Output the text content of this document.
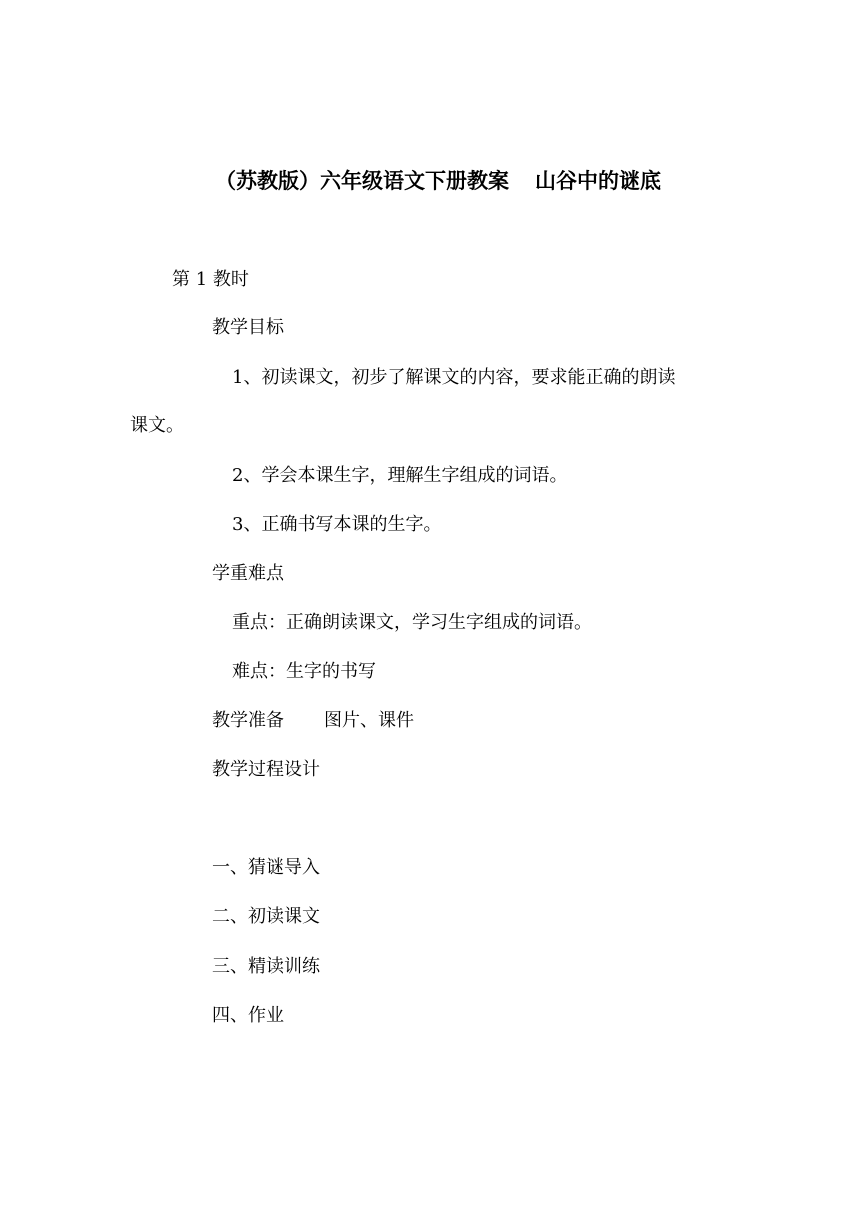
（苏教版）六年级语文下册教案 山谷中的谜底
第 1 教时
教学目标
1、初读课文，初步了解课文的内容，要求能正确的朗读
课文。
2、学会本课生字，理解生字组成的词语。
3、正确书写本课的生字。
学重难点
重点：正确朗读课文，学习生字组成的词语。
难点：生字的书写
教学准备 图片、课件
教学过程设计
一、猜谜导入
二、初读课文
三、精读训练
四、作业
